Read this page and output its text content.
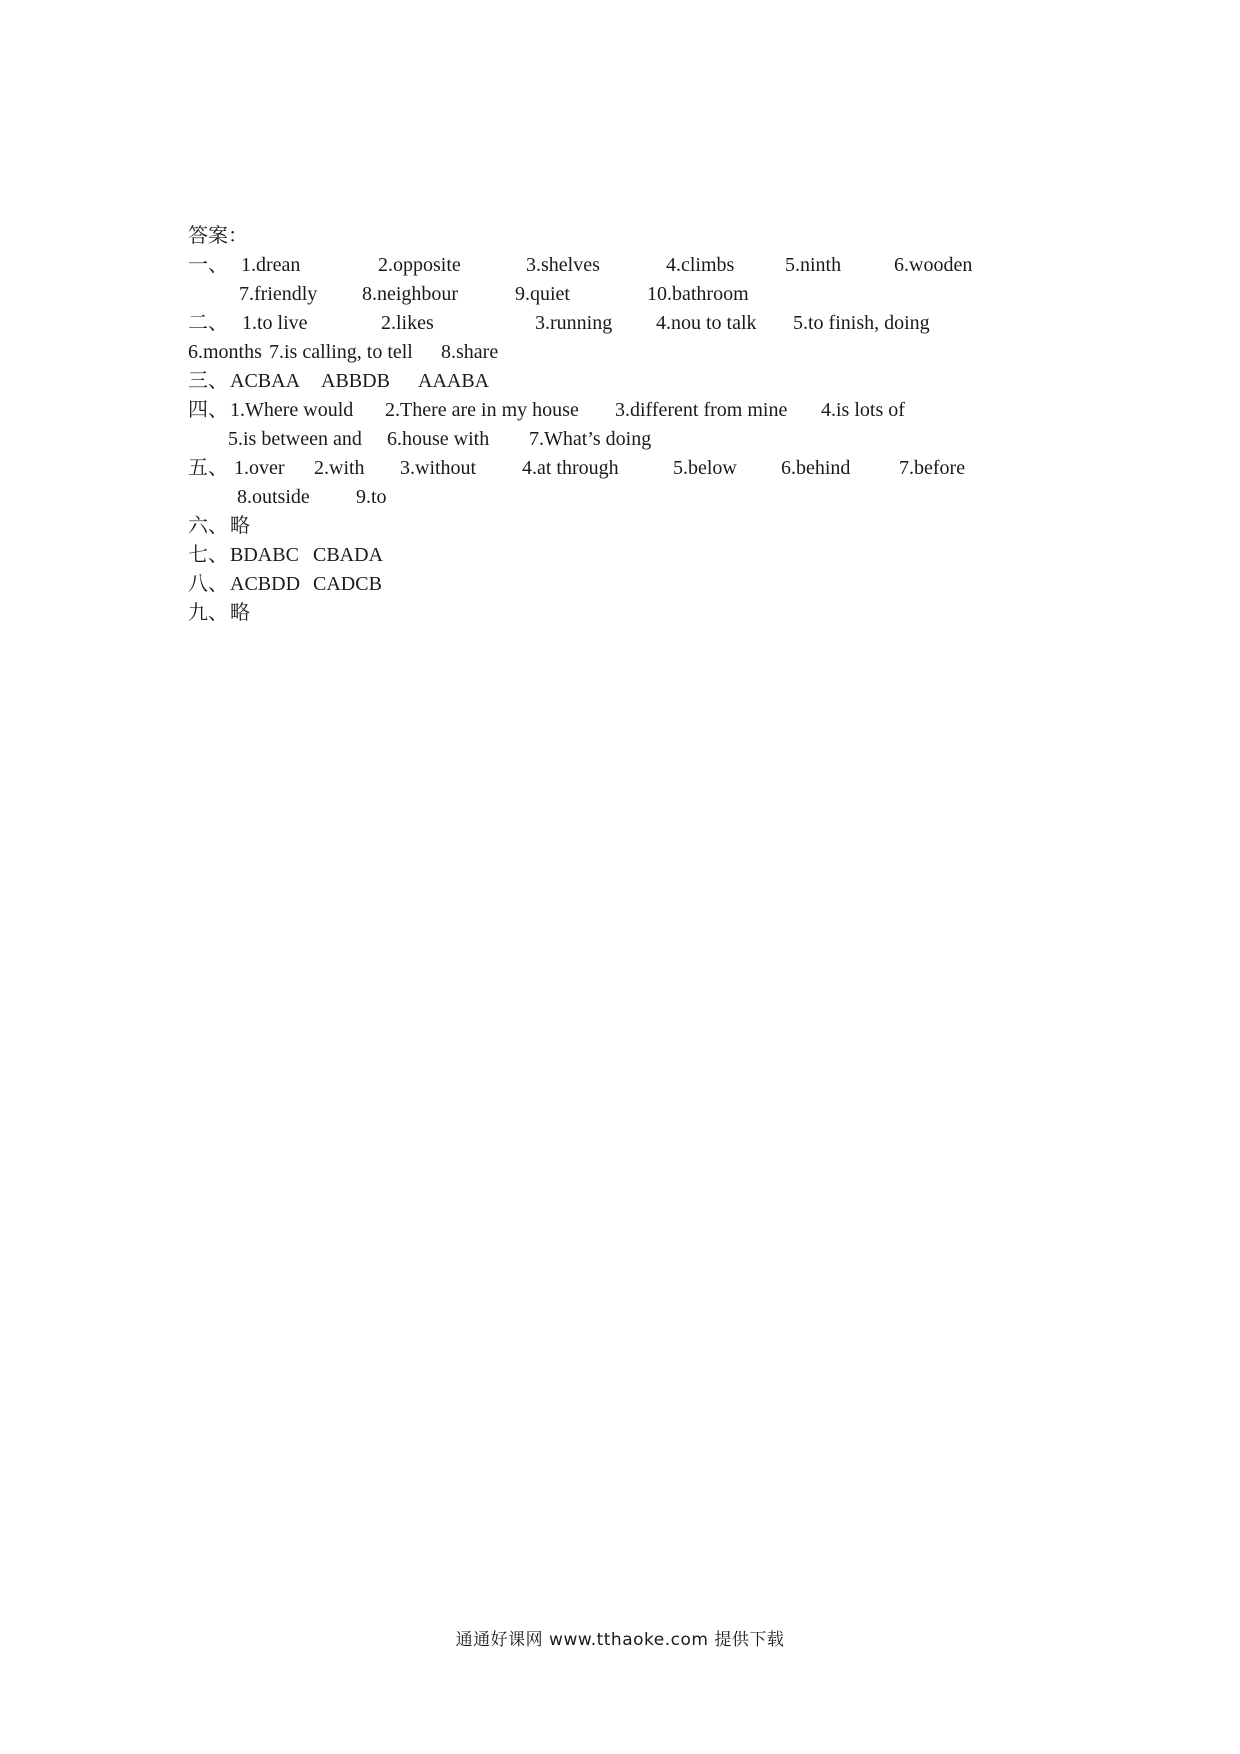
答案：
一、 1.drean	2.opposite	3.shelves	4.climbs	5.ninth	6.wooden
7.friendly 8.neighbour	9.quiet	10.bathroom
二、 1.to live	2.likes	3.running 4.nou to talk 5.to finish, doing
6.months 7.is calling, to tell 8.share
三、 ACBAA ABBDB AAABA
四、 1.Where would 2.There are in my house 3.different from mine 4.is lots of
5.is between and 6.house with 7.What’s doing
五、 1.over 2.with 3.without 4.at through	5.below 6.behind 7.before
8.outside 9.to
六、 略
七、 BDABC CBADA
八、 ACBDD CADCB
九、 略
通通好课网 www.tthaoke.com 提供下载
